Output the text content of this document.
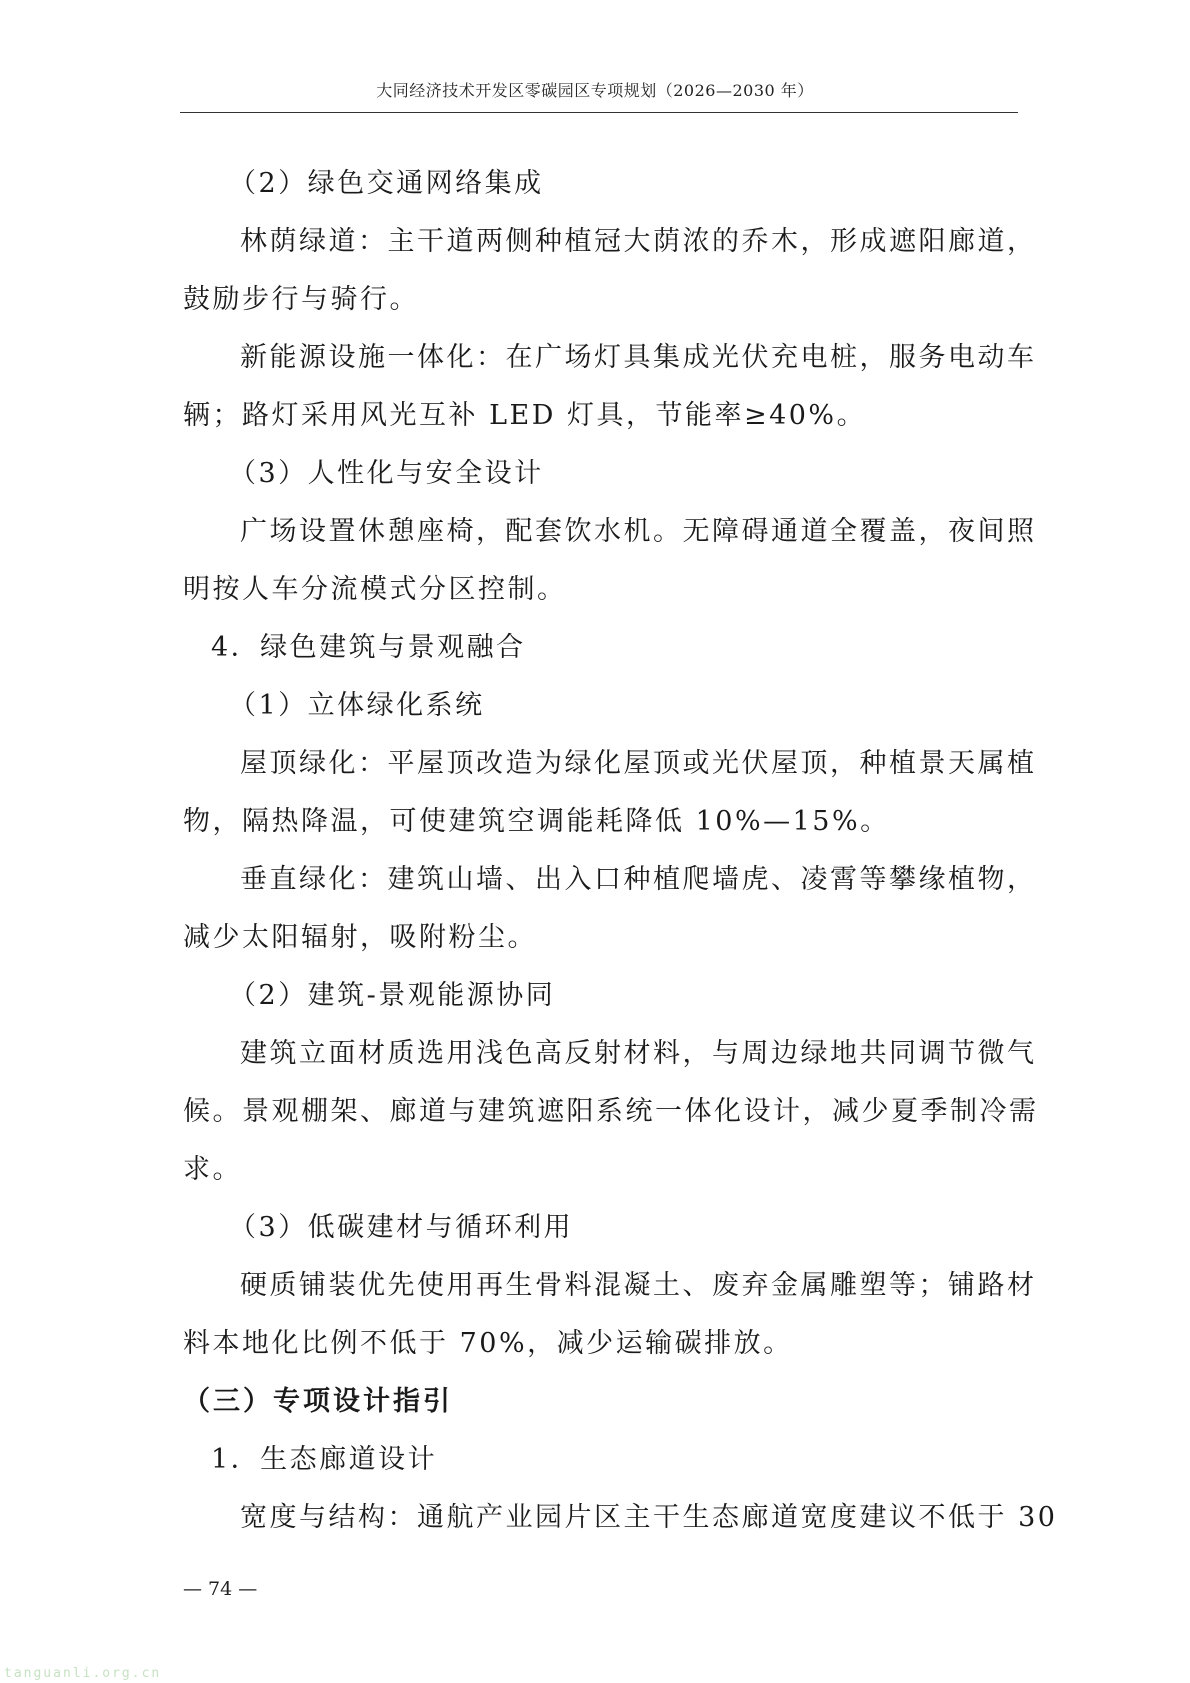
大同经济技术开发区零碳园区专项规划（2026—2030 年）
（2）绿色交通网络集成
林荫绿道：主干道两侧种植冠大荫浓的乔木，形成遮阳廊道，
鼓励步行与骑行。
新能源设施一体化：在广场灯具集成光伏充电桩，服务电动车
辆；路灯采用风光互补 LED 灯具，节能率≥40%。
（3）人性化与安全设计
广场设置休憩座椅，配套饮水机。无障碍通道全覆盖，夜间照
明按人车分流模式分区控制。
4．绿色建筑与景观融合
（1）立体绿化系统
屋顶绿化：平屋顶改造为绿化屋顶或光伏屋顶，种植景天属植
物，隔热降温，可使建筑空调能耗降低 10%—15%。
垂直绿化：建筑山墙、出入口种植爬墙虎、凌霄等攀缘植物，
减少太阳辐射，吸附粉尘。
（2）建筑-景观能源协同
建筑立面材质选用浅色高反射材料，与周边绿地共同调节微气
候。景观棚架、廊道与建筑遮阳系统一体化设计，减少夏季制冷需
求。
（3）低碳建材与循环利用
硬质铺装优先使用再生骨料混凝土、废弃金属雕塑等；铺路材
料本地化比例不低于 70%，减少运输碳排放。
（三）专项设计指引
1．生态廊道设计
宽度与结构：通航产业园片区主干生态廊道宽度建议不低于 30
— 74 —
tanguanli.org.cn
